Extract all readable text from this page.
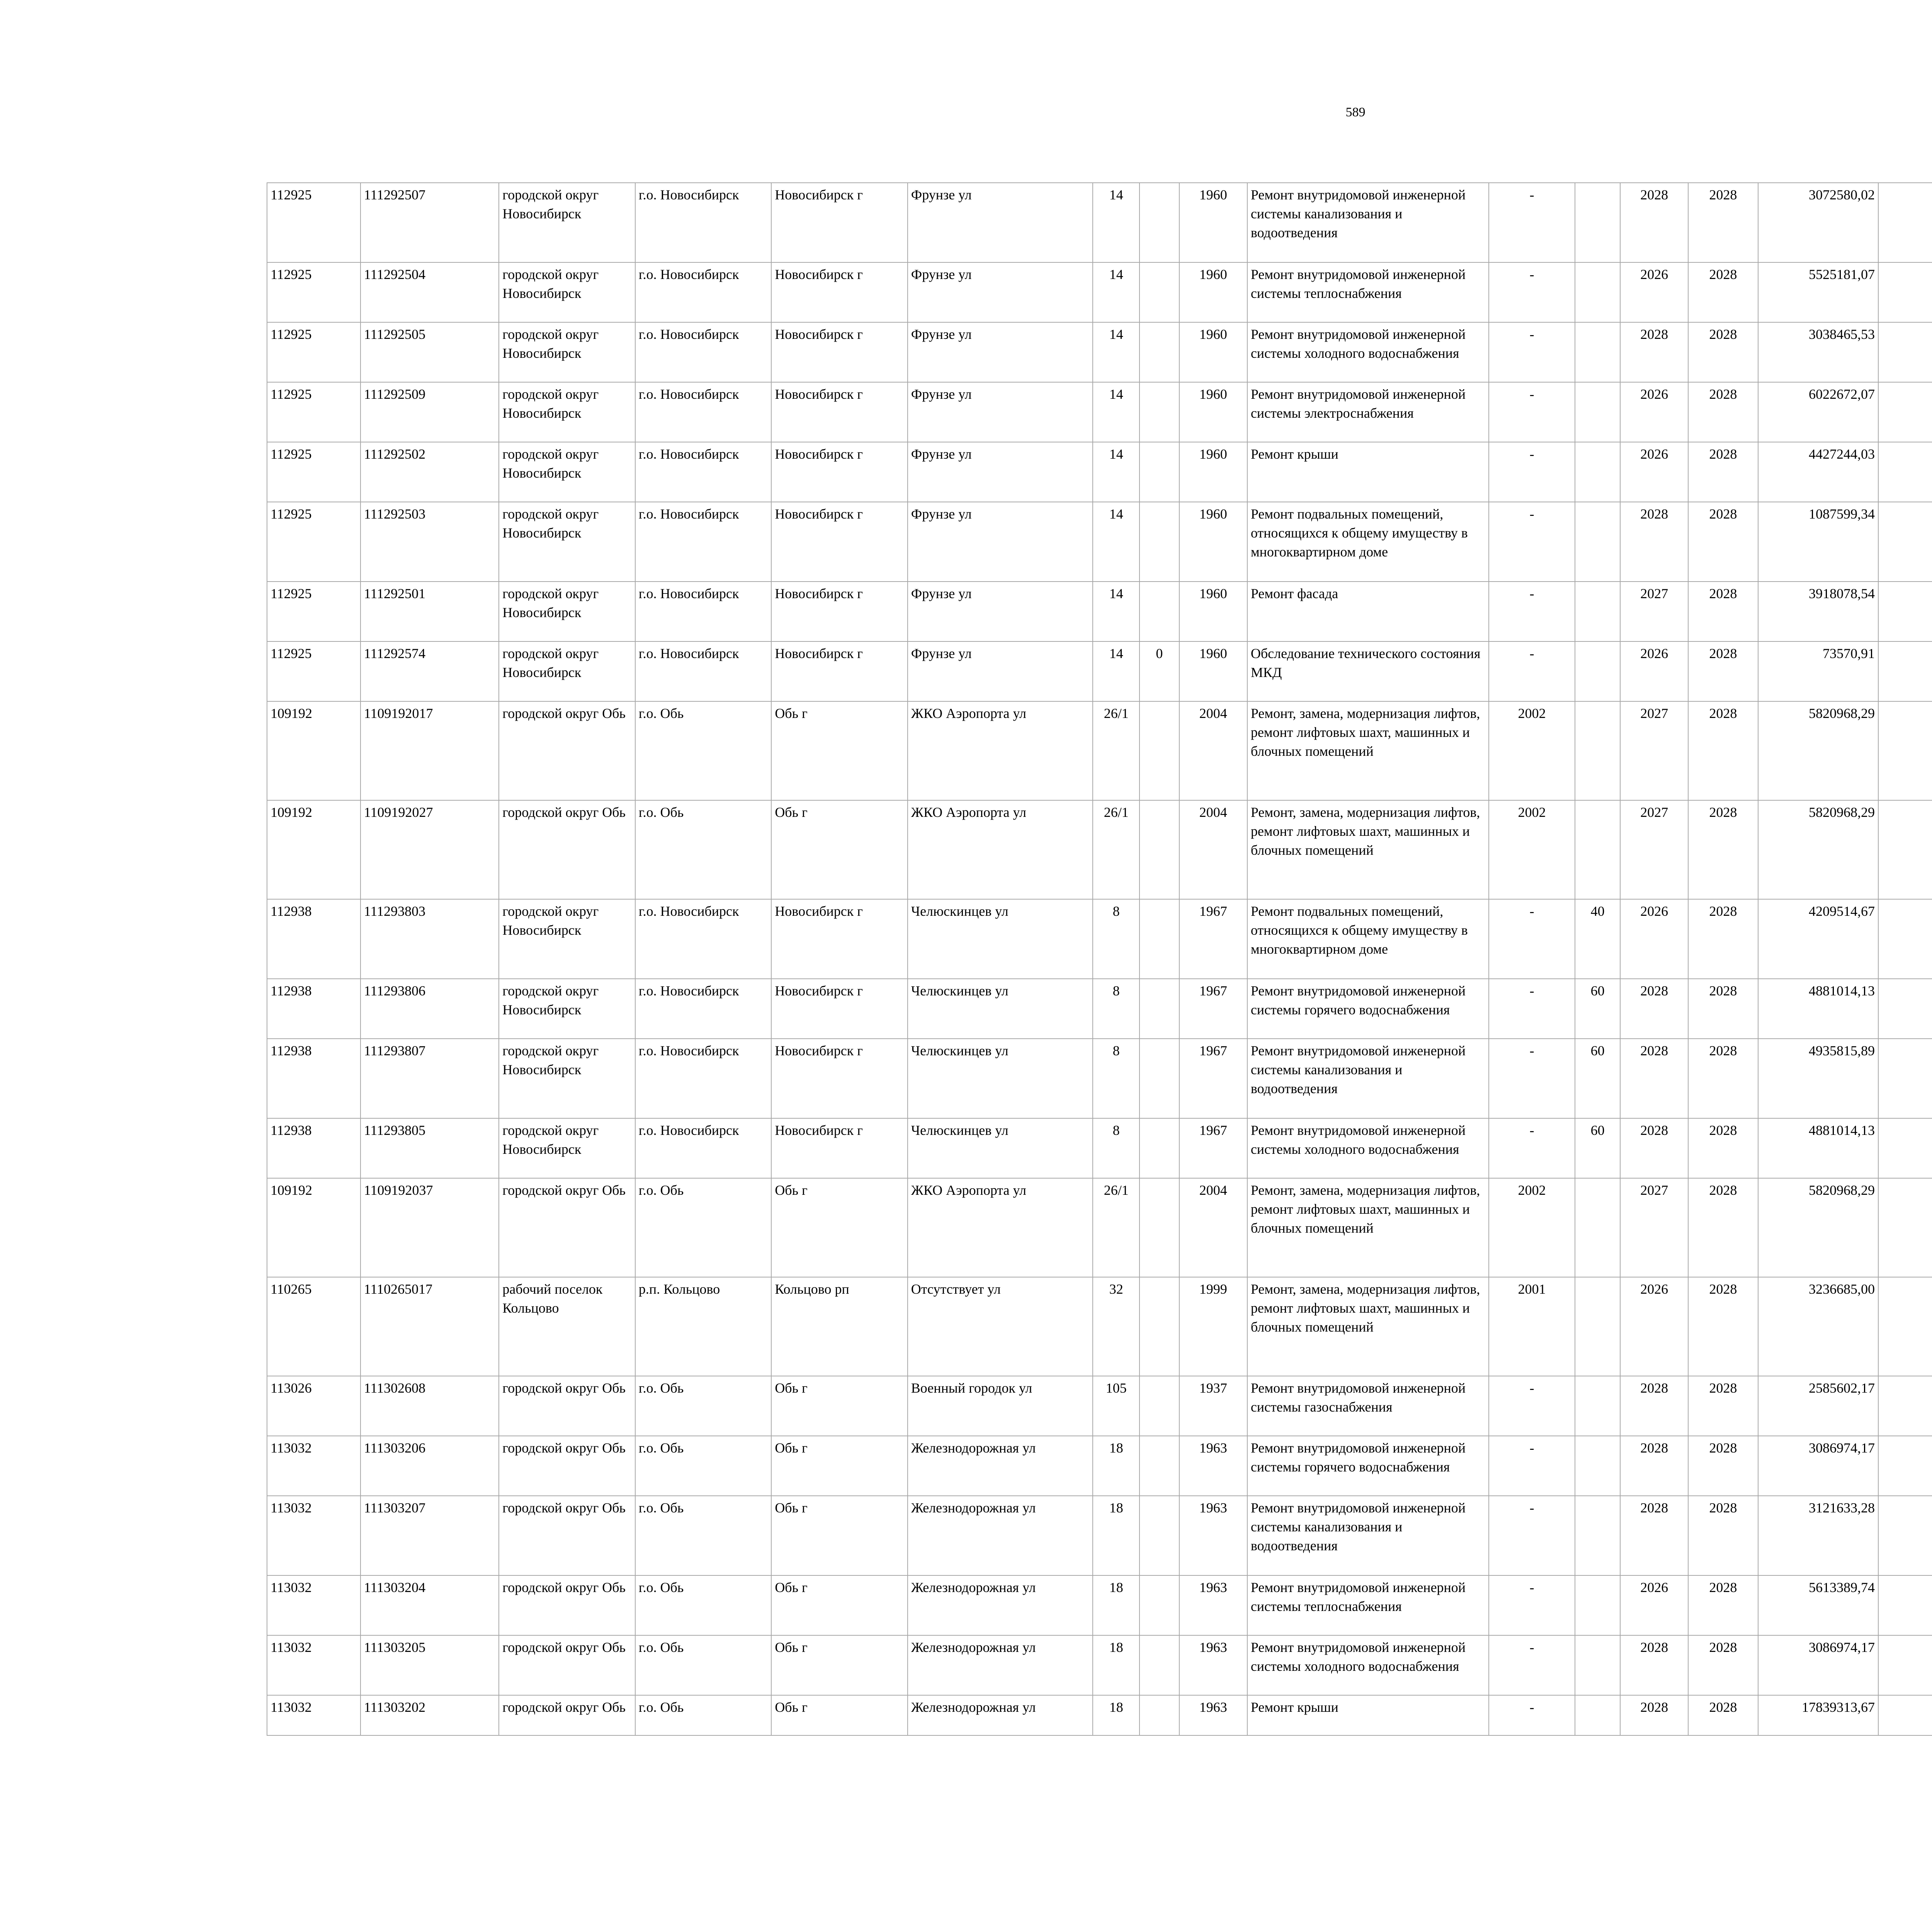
589
112925	111292507	городской округ Новосибирск	г.о. Новосибирск	Новосибирск г	Фрунзе ул	14		1960	Ремонт внутридомовой инженерной системы канализования и водоотведения	-		2028	2028	3072580,02						
112925	111292504	городской округ Новосибирск	г.о. Новосибирск	Новосибирск г	Фрунзе ул	14		1960	Ремонт внутридомовой инженерной системы теплоснабжения	-		2026	2028	5525181,07						
112925	111292505	городской округ Новосибирск	г.о. Новосибирск	Новосибирск г	Фрунзе ул	14		1960	Ремонт внутридомовой инженерной системы холодного водоснабжения	-		2028	2028	3038465,53						
112925	111292509	городской округ Новосибирск	г.о. Новосибирск	Новосибирск г	Фрунзе ул	14		1960	Ремонт внутридомовой инженерной системы электроснабжения	-		2026	2028	6022672,07						
112925	111292502	городской округ Новосибирск	г.о. Новосибирск	Новосибирск г	Фрунзе ул	14		1960	Ремонт крыши	-		2026	2028	4427244,03						
112925	111292503	городской округ Новосибирск	г.о. Новосибирск	Новосибирск г	Фрунзе ул	14		1960	Ремонт подвальных помещений, относящихся к общему имуществу в многоквартирном доме	-		2028	2028	1087599,34						
112925	111292501	городской округ Новосибирск	г.о. Новосибирск	Новосибирск г	Фрунзе ул	14		1960	Ремонт фасада	-		2027	2028	3918078,54						
112925	111292574	городской округ Новосибирск	г.о. Новосибирск	Новосибирск г	Фрунзе ул	14	0	1960	Обследование технического состояния МКД	-		2026	2028	73570,91						
109192	1109192017	городской округ Обь	г.о. Обь	Обь г	ЖКО Аэропорта ул	26/1		2004	Ремонт, замена, модернизация лифтов, ремонт лифтовых шахт, машинных и блочных помещений	2002		2027	2028	5820968,29						
109192	1109192027	городской округ Обь	г.о. Обь	Обь г	ЖКО Аэропорта ул	26/1		2004	Ремонт, замена, модернизация лифтов, ремонт лифтовых шахт, машинных и блочных помещений	2002		2027	2028	5820968,29						
112938	111293803	городской округ Новосибирск	г.о. Новосибирск	Новосибирск г	Челюскинцев ул	8		1967	Ремонт подвальных помещений, относящихся к общему имуществу в многоквартирном доме	-	40	2026	2028	4209514,67						
112938	111293806	городской округ Новосибирск	г.о. Новосибирск	Новосибирск г	Челюскинцев ул	8		1967	Ремонт внутридомовой инженерной системы горячего водоснабжения	-	60	2028	2028	4881014,13						
112938	111293807	городской округ Новосибирск	г.о. Новосибирск	Новосибирск г	Челюскинцев ул	8		1967	Ремонт внутридомовой инженерной системы канализования и водоотведения	-	60	2028	2028	4935815,89						
112938	111293805	городской округ Новосибирск	г.о. Новосибирск	Новосибирск г	Челюскинцев ул	8		1967	Ремонт внутридомовой инженерной системы холодного водоснабжения	-	60	2028	2028	4881014,13						
109192	1109192037	городской округ Обь	г.о. Обь	Обь г	ЖКО Аэропорта ул	26/1		2004	Ремонт, замена, модернизация лифтов, ремонт лифтовых шахт, машинных и блочных помещений	2002		2027	2028	5820968,29						
110265	1110265017	рабочий поселок Кольцово	р.п. Кольцово	Кольцово рп	Отсутствует ул	32		1999	Ремонт, замена, модернизация лифтов, ремонт лифтовых шахт, машинных и блочных помещений	2001		2026	2028	3236685,00						
113026	111302608	городской округ Обь	г.о. Обь	Обь г	Военный городок ул	105		1937	Ремонт внутридомовой инженерной системы газоснабжения	-		2028	2028	2585602,17						
113032	111303206	городской округ Обь	г.о. Обь	Обь г	Железнодорожная ул	18		1963	Ремонт внутридомовой инженерной системы горячего водоснабжения	-		2028	2028	3086974,17						
113032	111303207	городской округ Обь	г.о. Обь	Обь г	Железнодорожная ул	18		1963	Ремонт внутридомовой инженерной системы канализования и водоотведения	-		2028	2028	3121633,28						
113032	111303204	городской округ Обь	г.о. Обь	Обь г	Железнодорожная ул	18		1963	Ремонт внутридомовой инженерной системы теплоснабжения	-		2026	2028	5613389,74						
113032	111303205	городской округ Обь	г.о. Обь	Обь г	Железнодорожная ул	18		1963	Ремонт внутридомовой инженерной системы холодного водоснабжения	-		2028	2028	3086974,17						
113032	111303202	городской округ Обь	г.о. Обь	Обь г	Железнодорожная ул	18		1963	Ремонт крыши	-		2028	2028	17839313,67						
